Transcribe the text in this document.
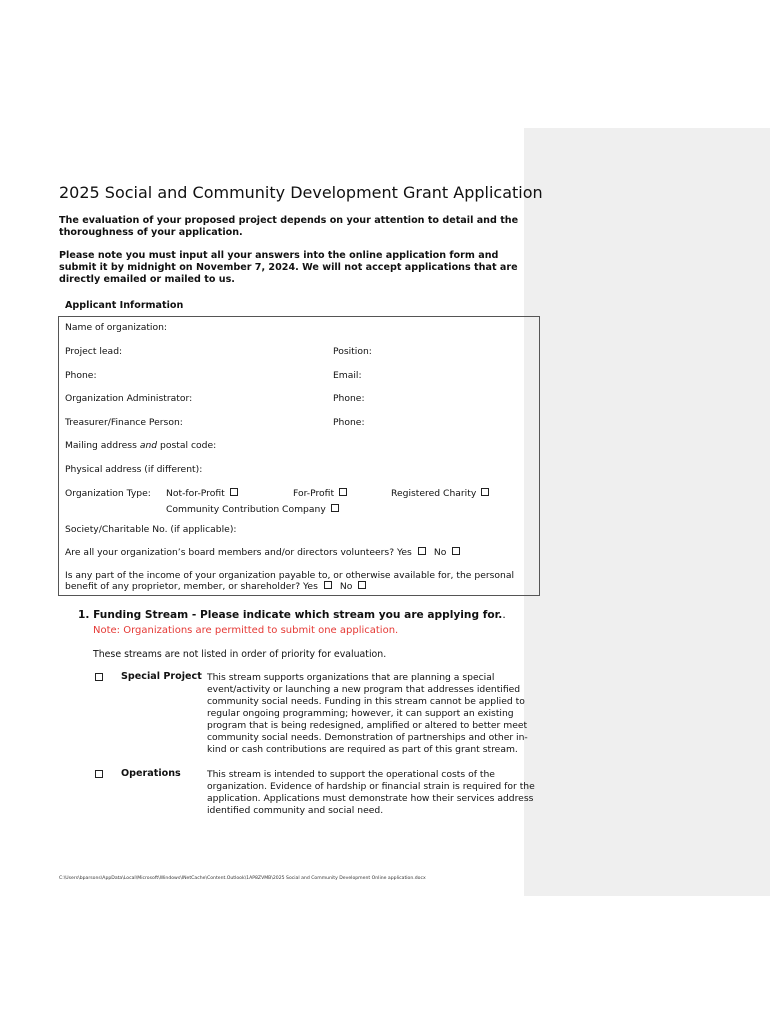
2025 Social and Community Development Grant Application

The evaluation of your proposed project depends on your attention to detail and the thoroughness of your application.

Please note you must input all your answers into the online application form and submit it by midnight on November 7, 2024. We will not accept applications that are directly emailed or mailed to us.

Applicant Information
Name of organization:
Project lead:	Position:
Phone:	Email:
Organization Administrator:	Phone:
Treasurer/Finance Person:	Phone:
Mailing address and postal code:
Physical address (if different):
Organization Type: Not-for-Profit	For-Profit	Registered Charity
Community Contribution Company
Society/Charitable No. (if applicable):
Are all your organization’s board members and/or directors volunteers? Yes No
Is any part of the income of your organization payable to, or otherwise available for, the personal
benefit of any proprietor, member, or shareholder? Yes No
1. Funding Stream - Please indicate which stream you are applying for..
Note: Organizations are permitted to submit one application.
These streams are not listed in order of priority for evaluation.
Special Project This stream supports organizations that are planning a special event/activity or launching a new program that addresses identified community social needs. Funding in this stream cannot be applied to regular ongoing programming; however, it can support an existing program that is being redesigned, amplified or altered to better meet community social needs. Demonstration of partnerships and other in-kind or cash contributions are required as part of this grant stream.
Operations	This stream is intended to support the operational costs of the organization. Evidence of hardship or financial strain is required for the application. Applications must demonstrate how their services address identified community and social need.
C:\Users\bparsons\AppData\Local\Microsoft\Windows\INetCache\Content.Outlook\1AP8ZVMB\2025 Social and Community Development Online application.docx
